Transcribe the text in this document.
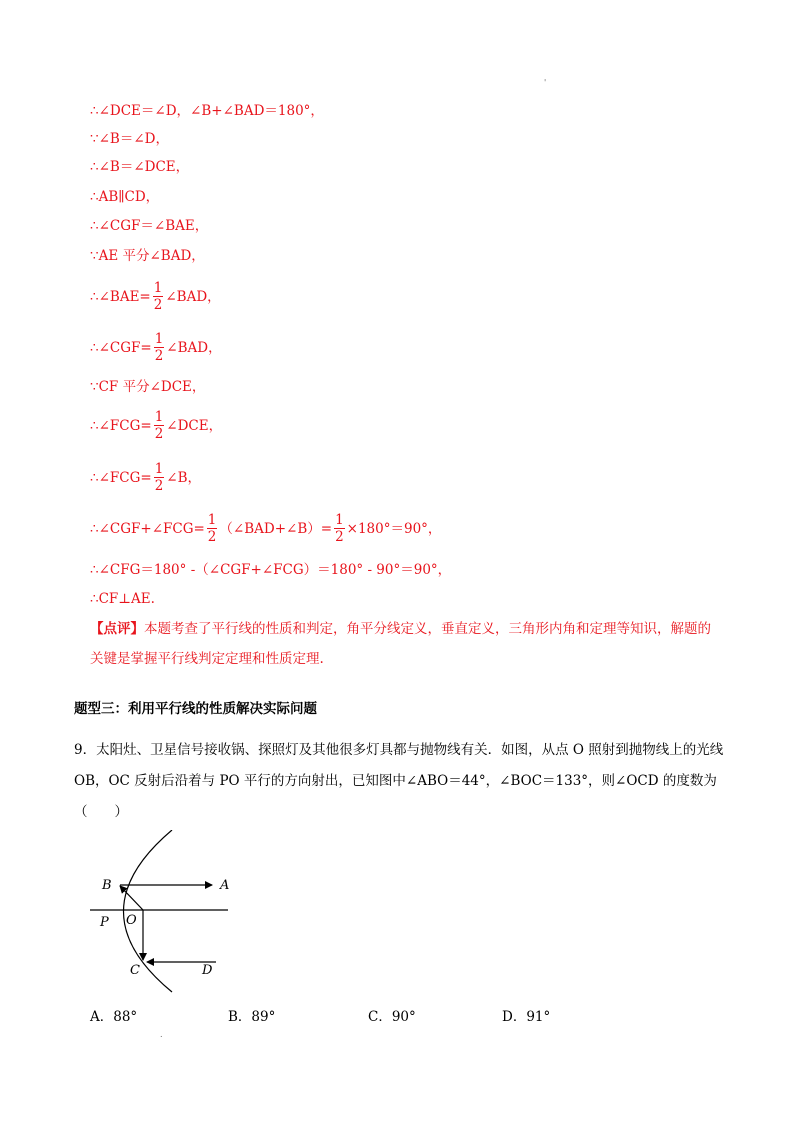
'
∴∠DCE＝∠D，∠B+∠BAD＝180°，
∵∠B＝∠D，
∴∠B＝∠DCE，
∴AB∥CD，
∴∠CGF＝∠BAE，
∵AE 平分∠BAD，
∴∠BAE= $\frac{1}{2}$ ∠BAD，
∴∠CGF= $\frac{1}{2}$ ∠BAD，
∵CF 平分∠DCE，
∴∠FCG= $\frac{1}{2}$ ∠DCE，
∴∠FCG= $\frac{1}{2}$ ∠B，
∴∠CGF+∠FCG= $\frac{1}{2}$ （∠BAD+∠B）= $\frac{1}{2} \times 180^\circ=90^\circ$，
∴∠CFG＝180° -（∠CGF+∠FCG）＝180° - 90°＝90°，
∴CF⊥AE.
【点评】本题考查了平行线的性质和判定，角平分线定义，垂直定义，三角形内角和定理等知识，解题的关键是掌握平行线判定定理和性质定理.
题型三：利用平行线的性质解决实际问题
9．太阳灶、卫星信号接收锅、探照灯及其他很多灯具都与抛物线有关．如图，从点 O 照射到抛物线上的光线 OB，OC 反射后沿着与 PO 平行的方向射出，已知图中∠ABO＝44°，∠BOC＝133°，则∠OCD 的度数为（　　）
B	A
P O
C	D
A．88°	B．89°	C．90°	D．91°
.
